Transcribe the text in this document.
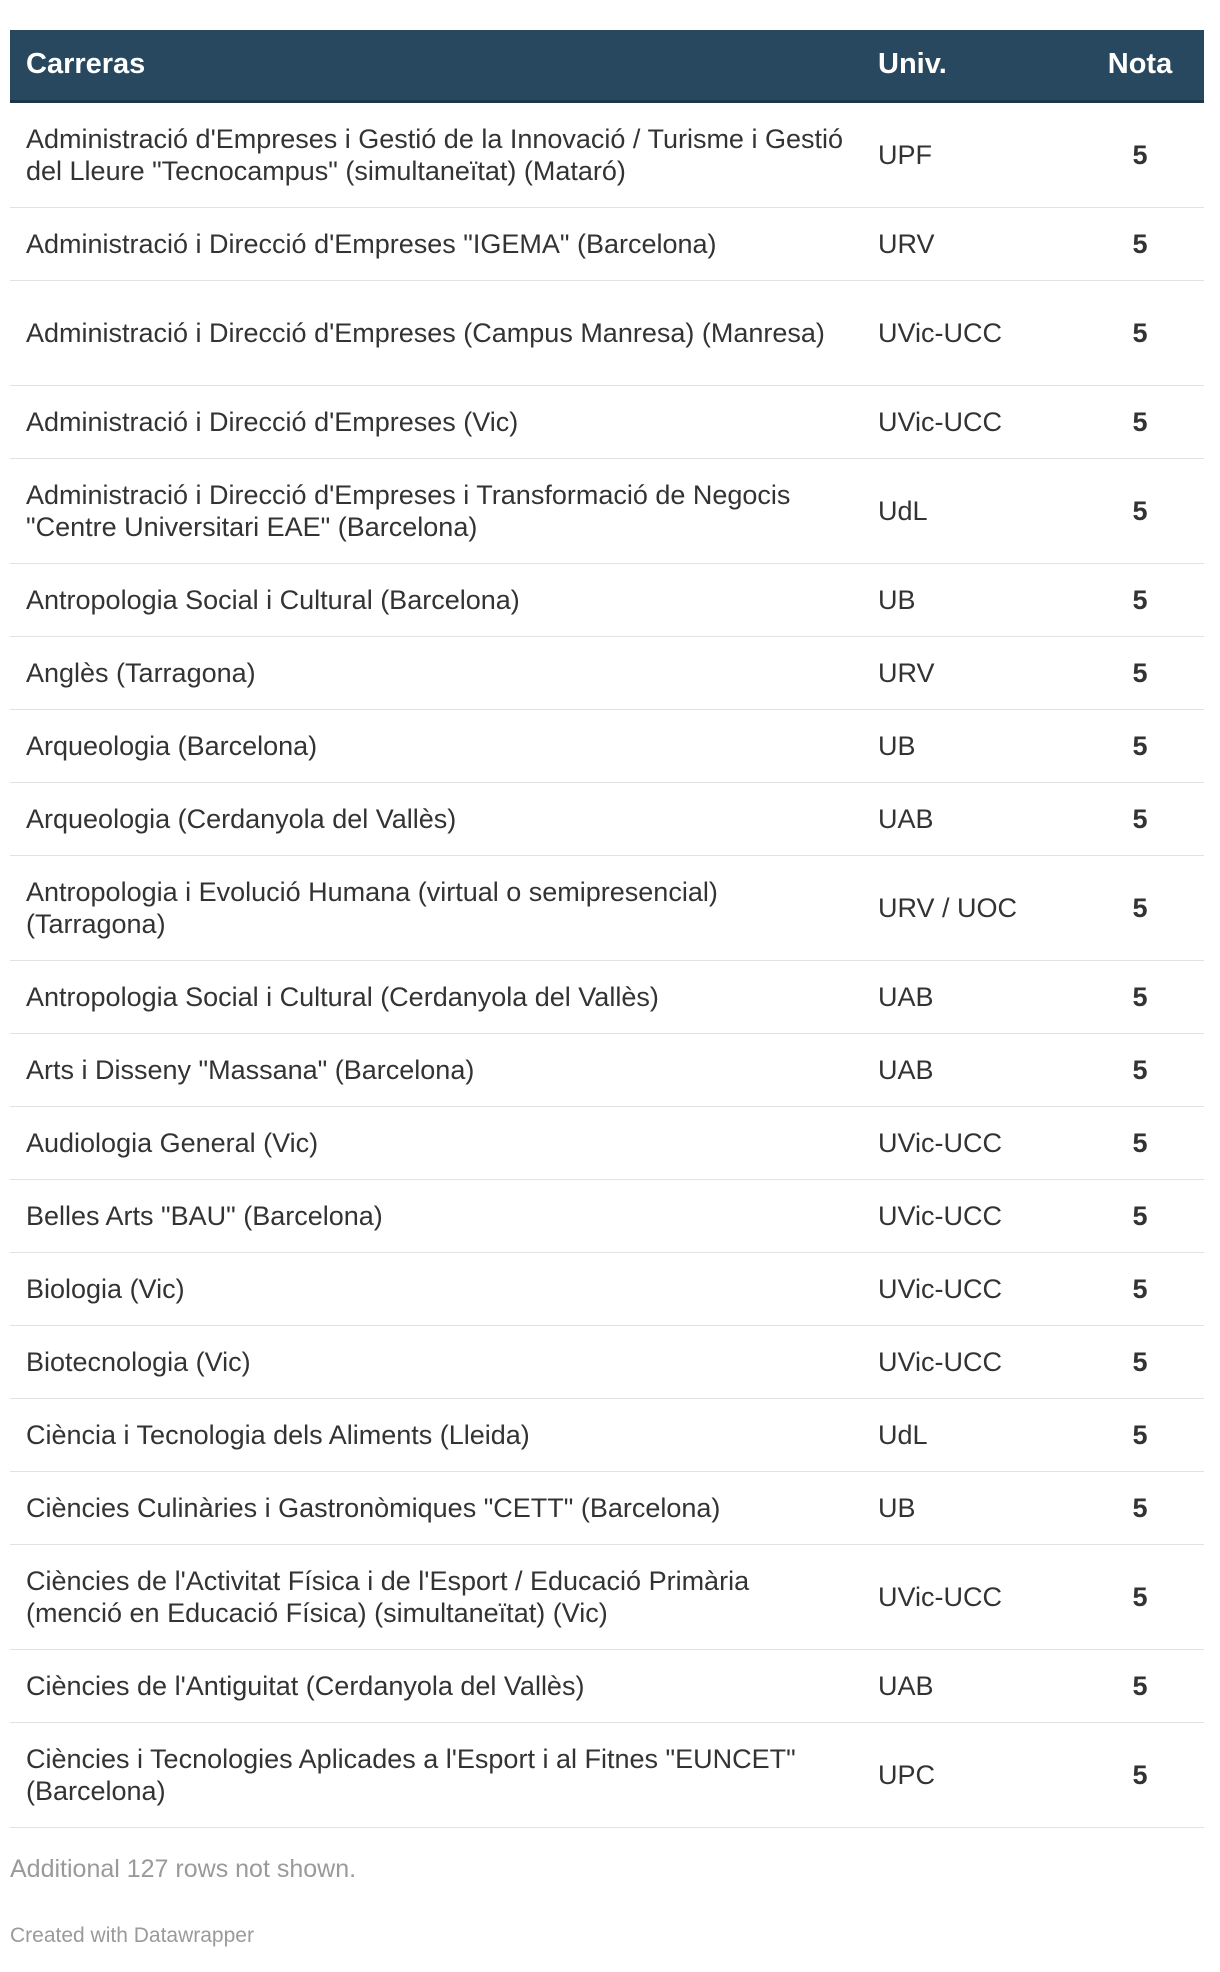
Carreras	Univ.	Nota
Administració d'Empreses i Gestió de la Innovació / Turisme i Gestió del Lleure "Tecnocampus" (simultaneïtat) (Mataró)	UPF	5
Administració i Direcció d'Empreses "IGEMA" (Barcelona)	URV	5
Administració i Direcció d'Empreses (Campus Manresa) (Manresa)	UVic-UCC	5
Administració i Direcció d'Empreses (Vic)	UVic-UCC	5
Administració i Direcció d'Empreses i Transformació de Negocis "Centre Universitari EAE" (Barcelona)	UdL	5
Antropologia Social i Cultural (Barcelona)	UB	5
Anglès (Tarragona)	URV	5
Arqueologia (Barcelona)	UB	5
Arqueologia (Cerdanyola del Vallès)	UAB	5
Antropologia i Evolució Humana (virtual o semipresencial) (Tarragona)	URV / UOC	5
Antropologia Social i Cultural (Cerdanyola del Vallès)	UAB	5
Arts i Disseny "Massana" (Barcelona)	UAB	5
Audiologia General (Vic)	UVic-UCC	5
Belles Arts "BAU" (Barcelona)	UVic-UCC	5
Biologia (Vic)	UVic-UCC	5
Biotecnologia (Vic)	UVic-UCC	5
Ciència i Tecnologia dels Aliments (Lleida)	UdL	5
Ciències Culinàries i Gastronòmiques "CETT" (Barcelona)	UB	5
Ciències de l'Activitat Física i de l'Esport / Educació Primària (menció en Educació Física) (simultaneïtat) (Vic)	UVic-UCC	5
Ciències de l'Antiguitat (Cerdanyola del Vallès)	UAB	5
Ciències i Tecnologies Aplicades a l'Esport i al Fitnes "EUNCET" (Barcelona)	UPC	5
Additional 127 rows not shown.
Created with Datawrapper
